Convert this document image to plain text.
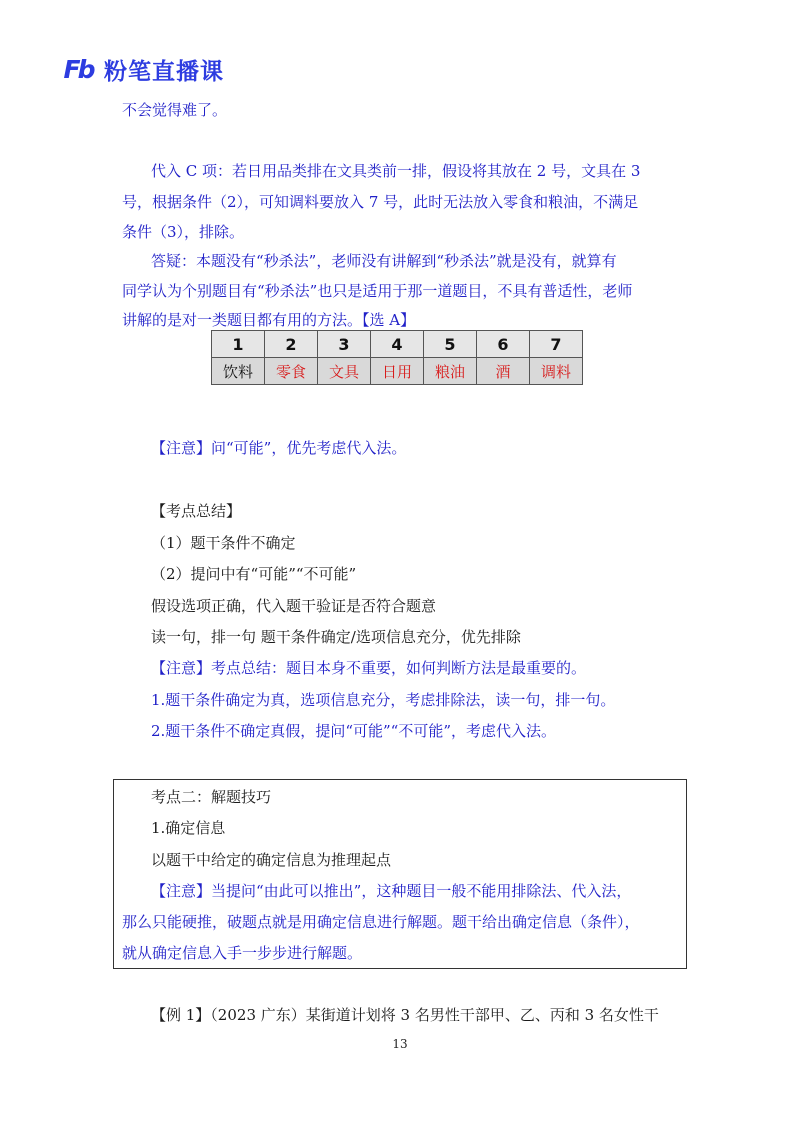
Fb 粉笔直播课
不会觉得难了。
代入 C 项：若日用品类排在文具类前一排，假设将其放在 2 号，文具在 3
号，根据条件（2），可知调料要放入 7 号，此时无法放入零食和粮油，不满足
条件（3），排除。
答疑：本题没有“秒杀法”，老师没有讲解到“秒杀法”就是没有，就算有
同学认为个别题目有“秒杀法”也只是适用于那一道题目，不具有普适性，老师
讲解的是对一类题目都有用的方法。【选 A】
1	2	3	4	5	6	7
饮料	零食	文具	日用	粮油	酒	调料
【注意】问“可能”，优先考虑代入法。
【考点总结】
（1）题干条件不确定
（2）提问中有“可能”“不可能”
假设选项正确，代入题干验证是否符合题意
读一句，排一句 题干条件确定/选项信息充分，优先排除
【注意】考点总结：题目本身不重要，如何判断方法是最重要的。
1.题干条件确定为真，选项信息充分，考虑排除法，读一句，排一句。
2.题干条件不确定真假，提问“可能”“不可能”，考虑代入法。
考点二：解题技巧
1.确定信息
以题干中给定的确定信息为推理起点
【注意】当提问“由此可以推出”，这种题目一般不能用排除法、代入法，
那么只能硬推，破题点就是用确定信息进行解题。题干给出确定信息（条件），
就从确定信息入手一步步进行解题。
【例 1】（2023 广东）某街道计划将 3 名男性干部甲、乙、丙和 3 名女性干
13
